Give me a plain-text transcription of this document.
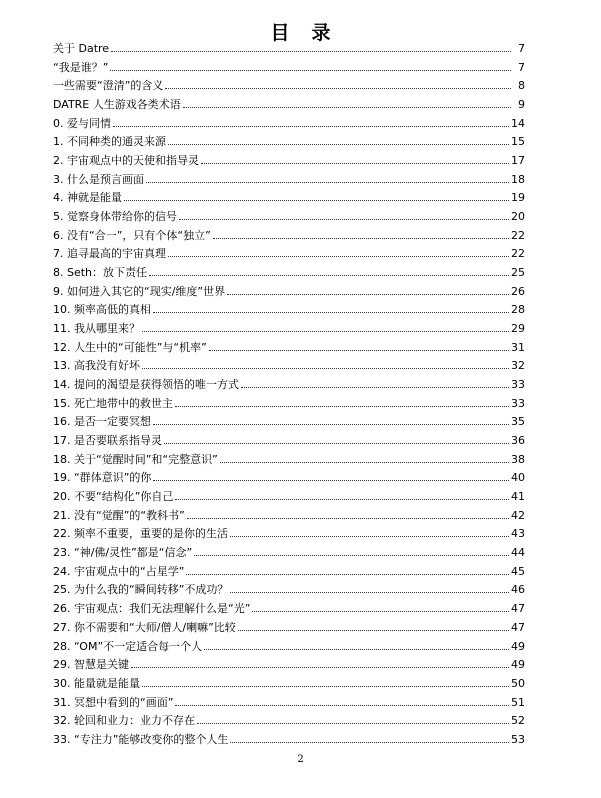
目录
关于 Datre	7
“我是谁？”	7
一些需要“澄清”的含义	8
DATRE 人生游戏各类术语	9
0. 爱与同情	14
1. 不同种类的通灵来源	15
2. 宇宙观点中的天使和指导灵	17
3. 什么是预言画面	18
4. 神就是能量	19
5. 觉察身体带给你的信号	20
6. 没有“合一”，只有个体“独立”	22
7. 追寻最高的宇宙真理	22
8. Seth：放下责任	25
9. 如何进入其它的“现实/维度”世界	26
10. 频率高低的真相	28
11. 我从哪里来？	29
12. 人生中的“可能性”与“机率”	31
13. 高我没有好坏	32
14. 提问的渴望是获得领悟的唯一方式	33
15. 死亡地带中的救世主	33
16. 是否一定要冥想	35
17. 是否要联系指导灵	36
18. 关于“觉醒时间”和“完整意识”	38
19. “群体意识”的你	40
20. 不要“结构化”你自己	41
21. 没有“觉醒”的“教科书”	42
22. 频率不重要，重要的是你的生活	43
23. “神/佛/灵性”都是“信念”	44
24. 宇宙观点中的“占星学”	45
25. 为什么我的“瞬间转移”不成功？	46
26. 宇宙观点：我们无法理解什么是“光”	47
27. 你不需要和“大师/僧人/喇嘛”比较	47
28. “OM”不一定适合每一个人	49
29. 智慧是关键	49
30. 能量就是能量	50
31. 冥想中看到的“画面”	51
32. 轮回和业力：业力不存在	52
33. “专注力”能够改变你的整个人生	53
2
